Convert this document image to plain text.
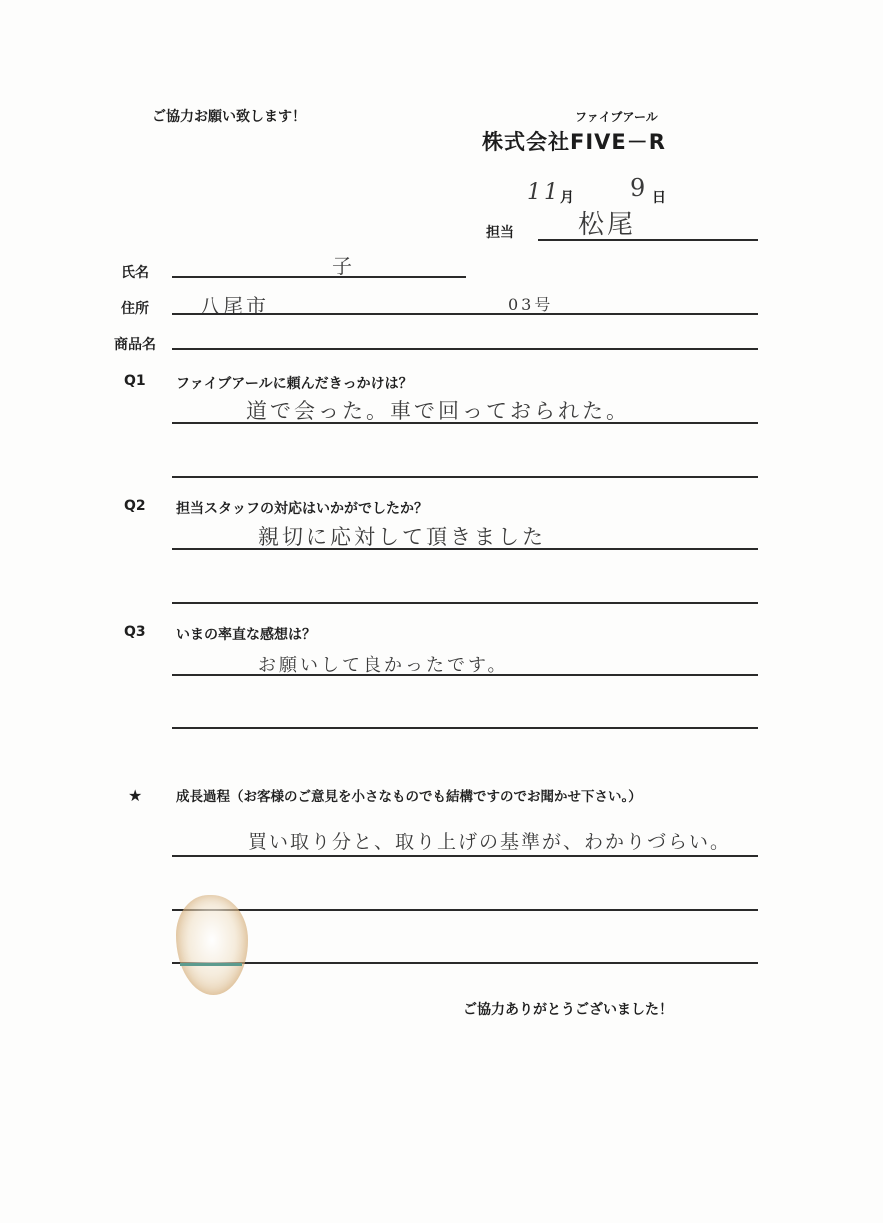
ご協力お願い致します！	ファイブアール
株式会社FIVE－R
11 月 9 日
担当 松尾
氏名	子
住所	八尾市	03号
商品名
Q1 ファイブアールに頼んだきっかけは？
道で会った。車で回っておられた。
Q2 担当スタッフの対応はいかがでしたか？
親切に応対して頂きました
Q3 いまの率直な感想は？
お願いして良かったです。
★ 成長過程（お客様のご意見を小さなものでも結構ですのでお聞かせ下さい。）
買い取り分と、取り上げの基準が、わかりづらい。
ご協力ありがとうございました！
